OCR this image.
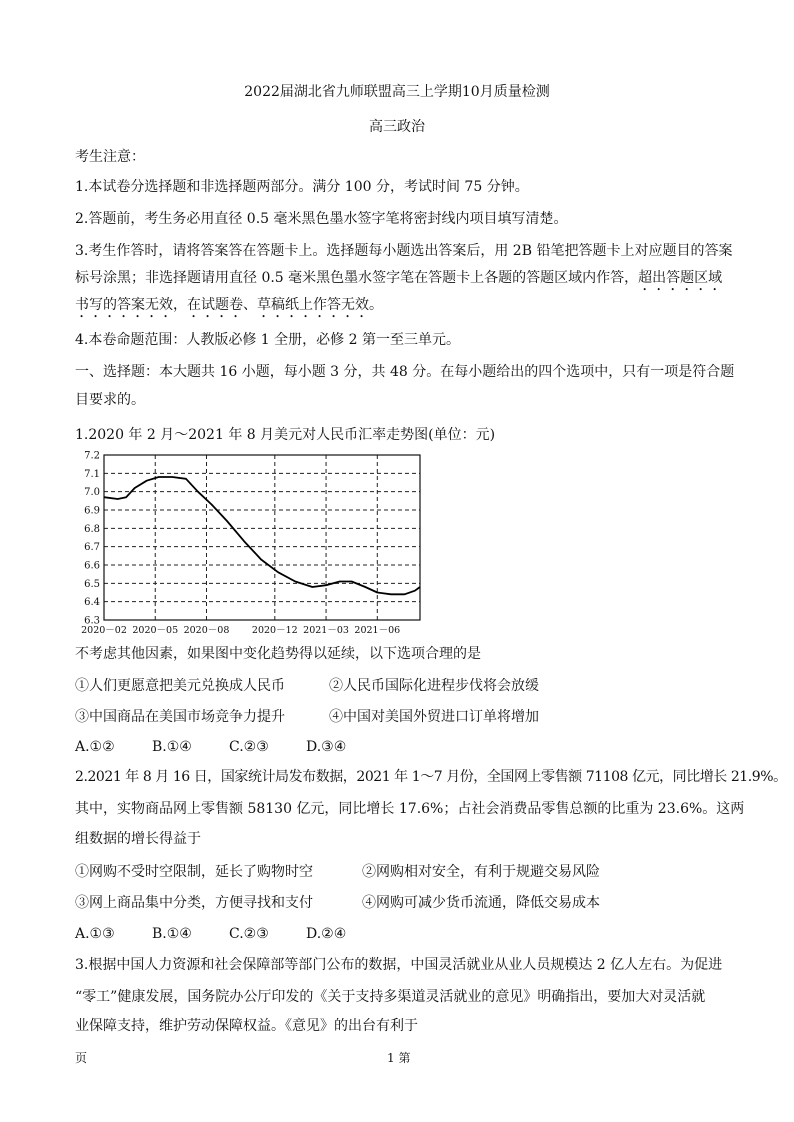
2022届湖北省九师联盟高三上学期10月质量检测
高三政治
考生注意：
1.本试卷分选择题和非选择题两部分。满分 100 分，考试时间 75 分钟。
2.答题前，考生务必用直径 0.5 毫米黑色墨水签字笔将密封线内项目填写清楚。
3.考生作答时，请将答案答在答题卡上。选择题每小题选出答案后，用 2B 铅笔把答题卡上对应题目的答案
标号涂黑；非选择题请用直径 0.5 毫米黑色墨水签字笔在答题卡上各题的答题区域内作答，超出答题区域
书写的答案无效，在试题卷、草稿纸上作答无效。
4.本卷命题范围：人教版必修 1 全册，必修 2 第一至三单元。
一、选择题：本大题共 16 小题，每小题 3 分，共 48 分。在每小题给出的四个选项中，只有一项是符合题
目要求的。
1.2020 年 2 月～2021 年 8 月美元对人民币汇率走势图(单位：元)
7.2
7.1
7.0
6.9
6.8
6.7
6.6
6.5
6.4
6.3
2020－02 2020－05 2020－08 2020－12 2021－03 2021－06
不考虑其他因素，如果图中变化趋势得以延续，以下选项合理的是
①人们更愿意把美元兑换成人民币	②人民币国际化进程步伐将会放缓
③中国商品在美国市场竞争力提升	④中国对美国外贸进口订单将增加
A.①②	B.①④	C.②③	D.③④
2.2021 年 8 月 16 日，国家统计局发布数据，2021 年 1～7 月份，全国网上零售额 71108 亿元，同比增长 21.9%。
其中，实物商品网上零售额 58130 亿元，同比增长 17.6%；占社会消费品零售总额的比重为 23.6%。这两
组数据的增长得益于
①网购不受时空限制，延长了购物时空	②网购相对安全，有利于规避交易风险
③网上商品集中分类，方便寻找和支付	④网购可减少货币流通，降低交易成本
A.①③	B.①④	C.②③	D.②④
3.根据中国人力资源和社会保障部等部门公布的数据，中国灵活就业从业人员规模达 2 亿人左右。为促进
“零工”健康发展，国务院办公厅印发的《关于支持多渠道灵活就业的意见》明确指出，要加大对灵活就
业保障支持，维护劳动保障权益。《意见》的出台有利于
页	1 第
